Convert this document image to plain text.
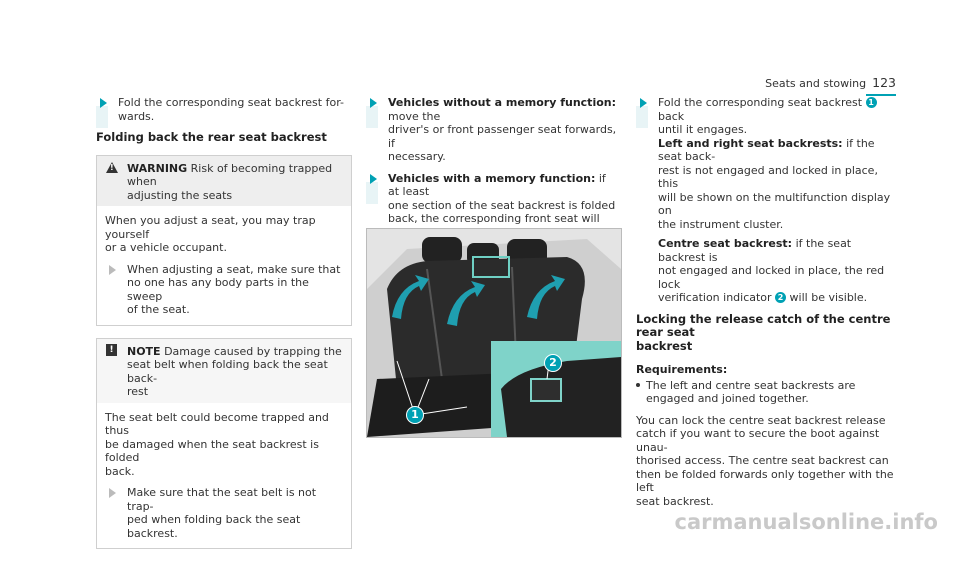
Seats and stowing 123
Fold the corresponding seat backrest for-
wards.
Folding back the rear seat backrest
!
WARNING Risk of becoming trapped when
adjusting the seats
When you adjust a seat, you may trap yourself
or a vehicle occupant.
When adjusting a seat, make sure that
no one has any body parts in the sweep
of the seat.
!	NOTE Damage caused by trapping the
seat belt when folding back the seat back-
rest
The seat belt could become trapped and thus
be damaged when the seat backrest is folded
back.
Make sure that the seat belt is not trap-
ped when folding back the seat backrest.
Vehicles without a memory function: move the
driver's or front passenger seat forwards, if
necessary.
Vehicles with a memory function: if at least
one section of the seat backrest is folded
back, the corresponding front seat will

2
1
Fold the corresponding seat backrest 1 back
until it engages.
Left and right seat backrests: if the seat back-
rest is not engaged and locked in place, this
will be shown on the multifunction display on
the instrument cluster.
Centre seat backrest: if the seat backrest is
not engaged and locked in place, the red lock
verification indicator 2 will be visible.
Locking the release catch of the centre rear seat
backrest
Requirements:
The left and centre seat backrests are
engaged and joined together.

You can lock the centre seat backrest release
catch if you want to secure the boot against unau-
thorised access. The centre seat backrest can
then be folded forwards only together with the left
seat backrest.

carmanualsonline.info
